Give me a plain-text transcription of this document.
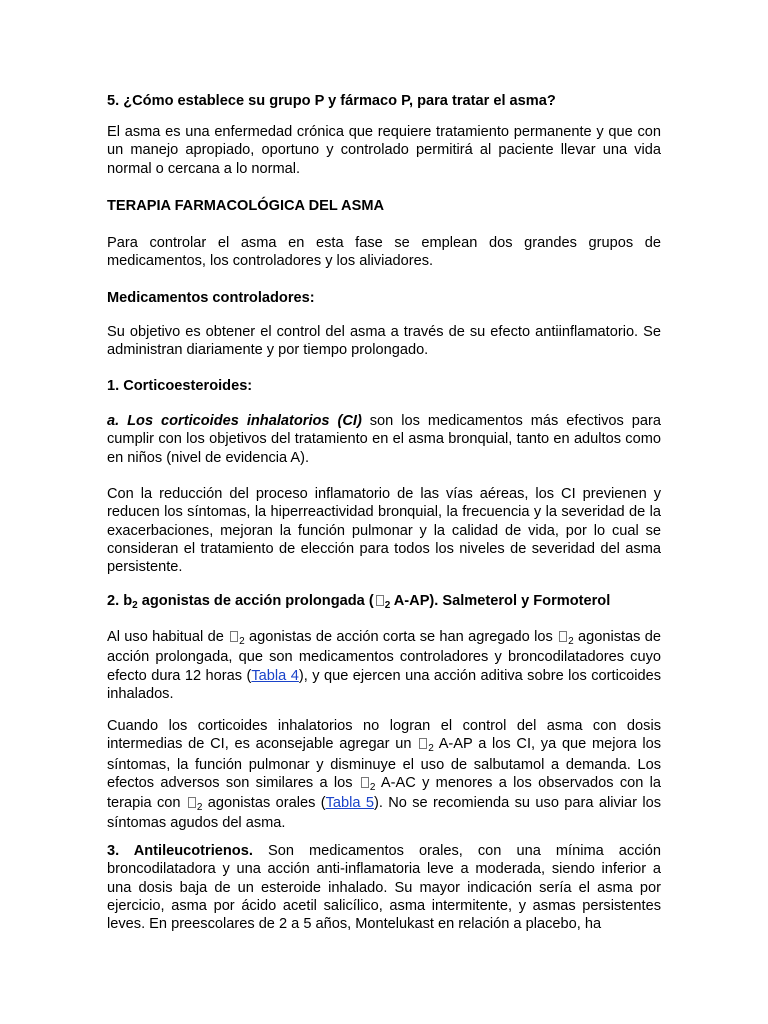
5. ¿Cómo establece su grupo P y fármaco P, para tratar el asma?

El asma es una enfermedad crónica que requiere tratamiento permanente y que con un manejo apropiado, oportuno y controlado permitirá al paciente llevar una vida normal o cercana a lo normal.

TERAPIA FARMACOLÓGICA DEL ASMA

Para controlar el asma en esta fase se emplean dos grandes grupos de medicamentos, los controladores y los aliviadores.

Medicamentos controladores:

Su objetivo es obtener el control del asma a través de su efecto antiinflamatorio. Se administran diariamente y por tiempo prolongado.

1. Corticoesteroides:

a. Los corticoides inhalatorios (CI) son los medicamentos más efectivos para cumplir con los objetivos del tratamiento en el asma bronquial, tanto en adultos como en niños (nivel de evidencia A).

Con la reducción del proceso inflamatorio de las vías aéreas, los CI previenen y reducen los síntomas, la hiperreactividad bronquial, la frecuencia y la severidad de la exacerbaciones, mejoran la función pulmonar y la calidad de vida, por lo cual se consideran el tratamiento de elección para todos los niveles de severidad del asma persistente.

2. $b_2$ agonistas de acción prolongada ( $_2$ A-AP). Salmeterol y Formoterol

Al uso habitual de $_2$ agonistas de acción corta se han agregado los $_2$ agonistas de acción prolongada, que son medicamentos controladores y broncodilatadores cuyo efecto dura 12 horas (Tabla 4), y que ejercen una acción aditiva sobre los corticoides inhalados.

Cuando los corticoides inhalatorios no logran el control del asma con dosis intermedias de CI, es aconsejable agregar un $_2$ A-AP a los CI, ya que mejora los síntomas, la función pulmonar y disminuye el uso de salbutamol a demanda. Los efectos adversos son similares a los $_2$ A-AC y menores a los observados con la terapia con $_2$ agonistas orales (Tabla 5). No se recomienda su uso para aliviar los síntomas agudos del asma.

3. Antileucotrienos. Son medicamentos orales, con una mínima acción broncodilatadora y una acción anti-inflamatoria leve a moderada, siendo inferior a una dosis baja de un esteroide inhalado. Su mayor indicación sería el asma por ejercicio, asma por ácido acetil salicílico, asma intermitente, y asmas persistentes leves. En preescolares de 2 a 5 años, Montelukast en relación a placebo, ha
